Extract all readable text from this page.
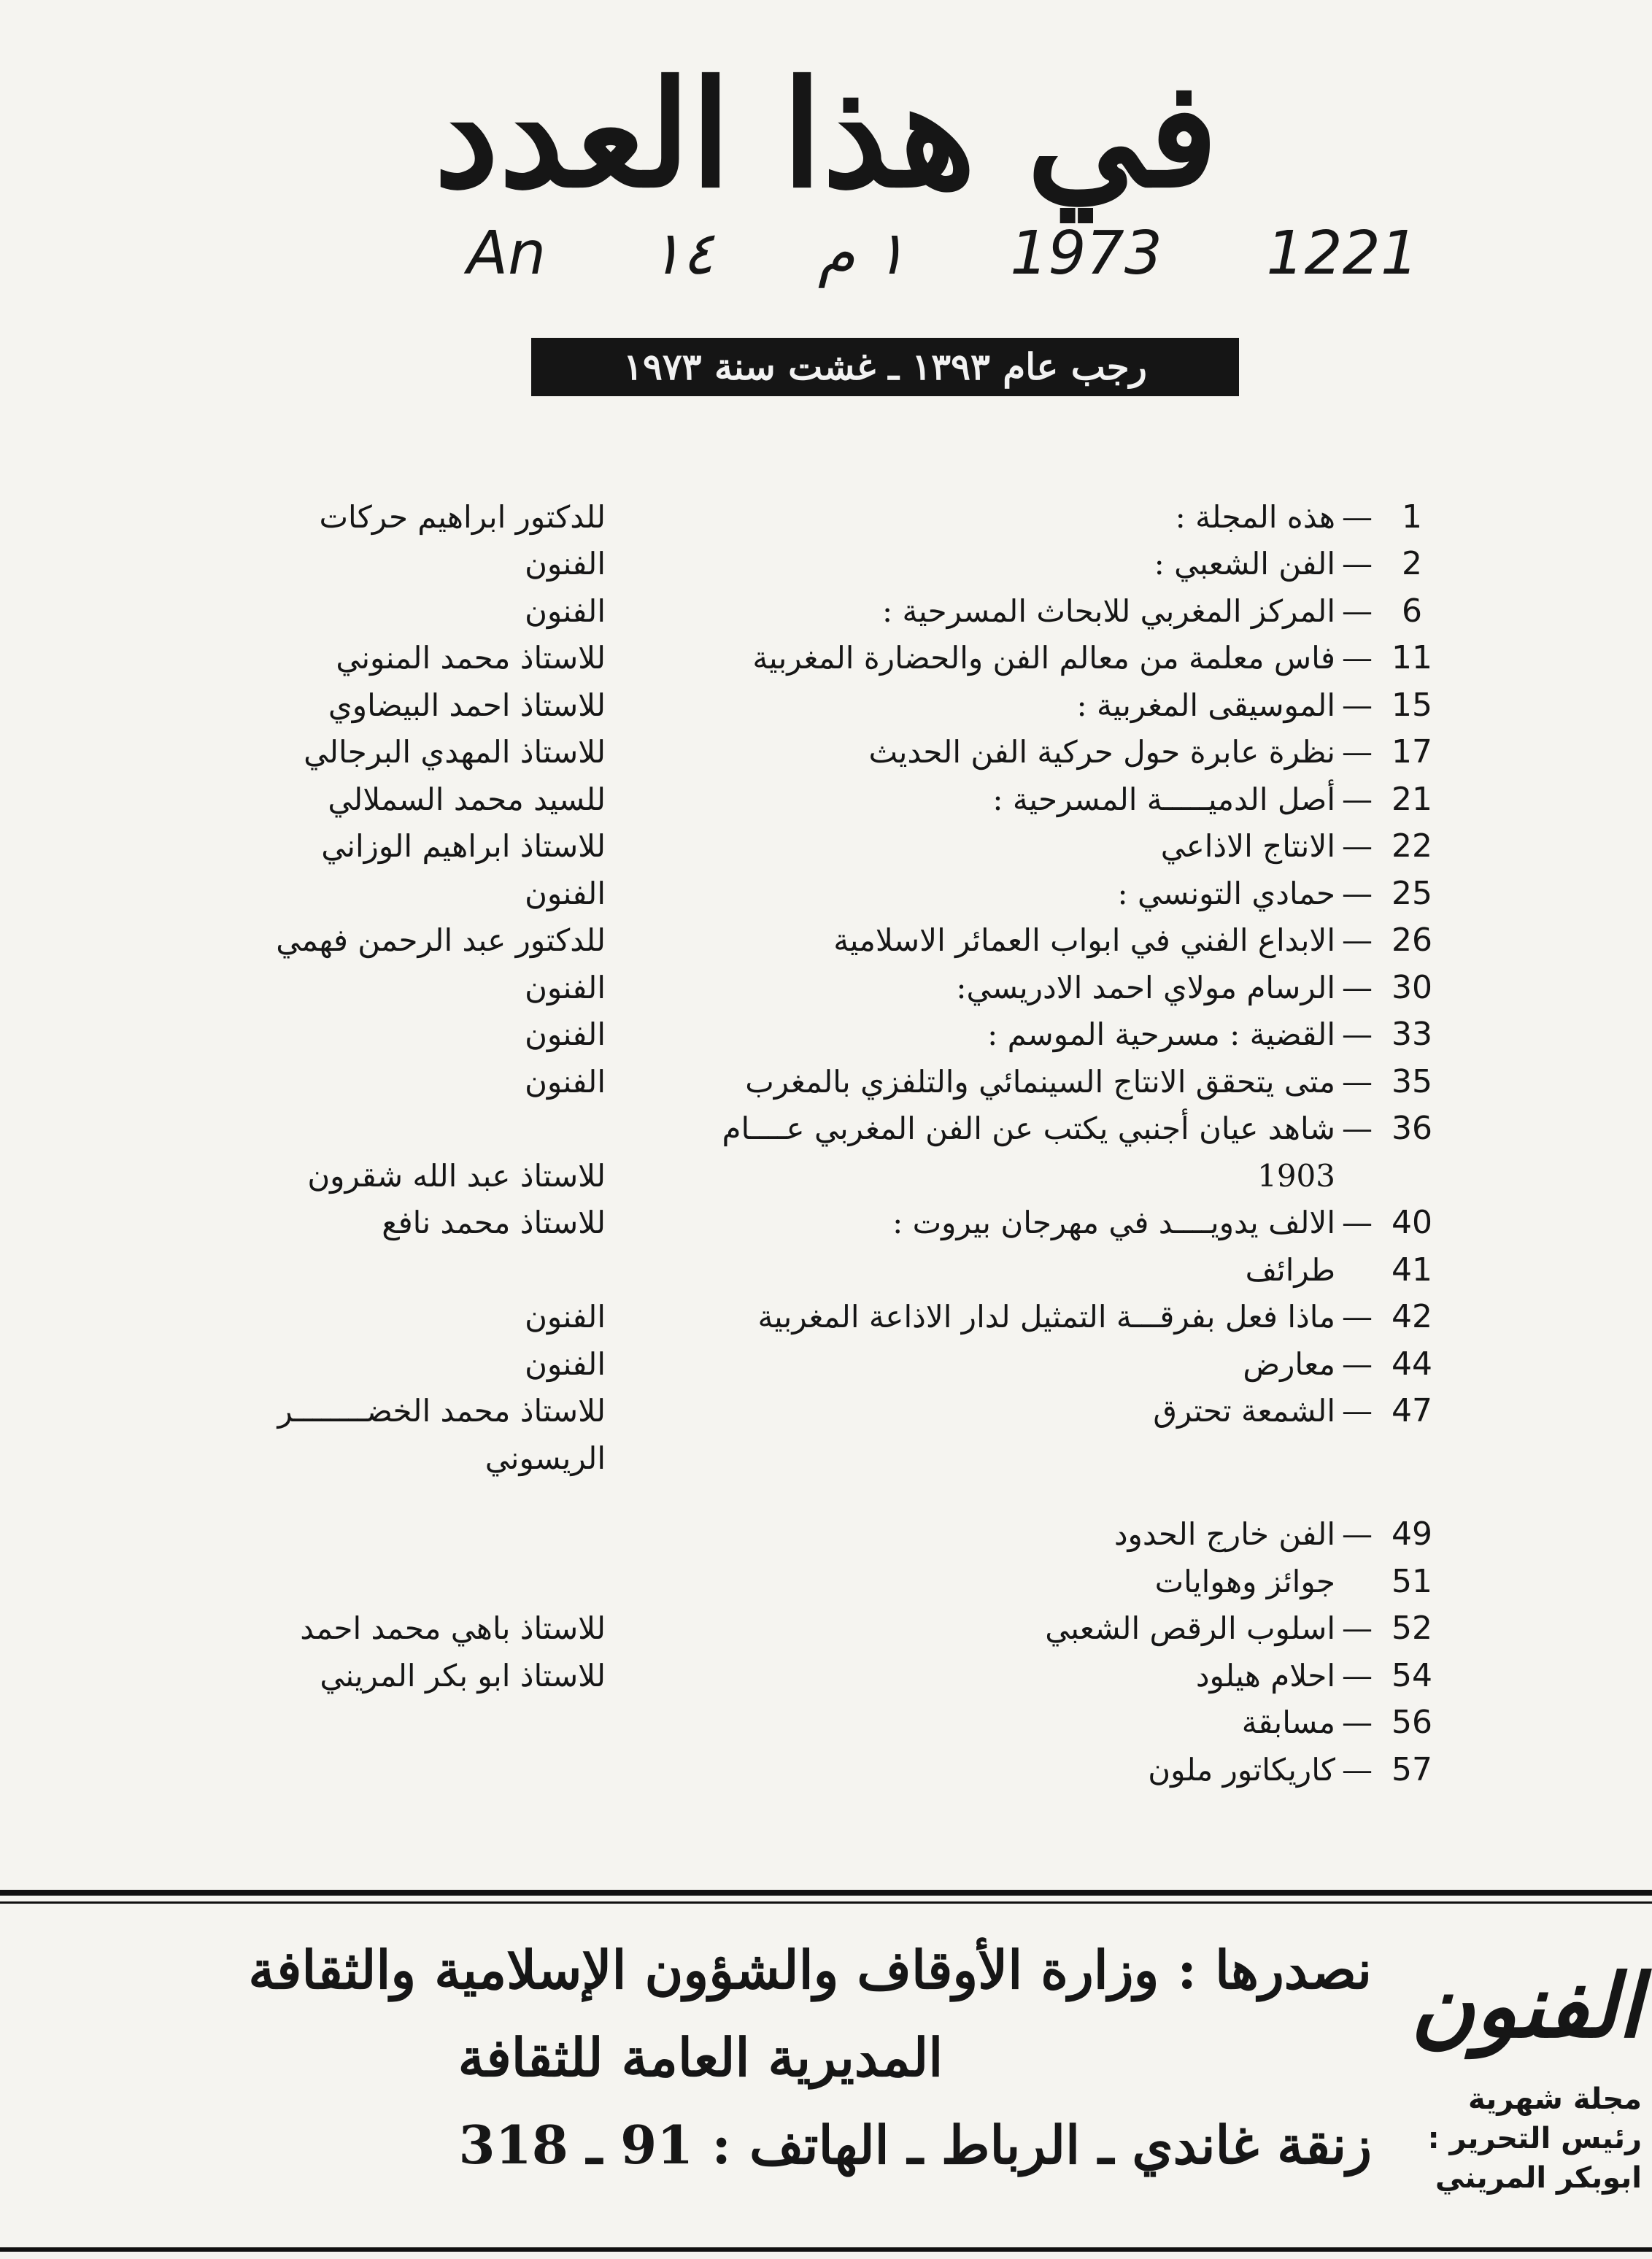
في هذا العدد
An ١٤ ١ م 1973 1221
رجب عام ١٣٩٣ ـ غشت سنة ١٩٧٣
1
—
هذه المجلة :
للدكتور ابراهيم حركات
2
—
الفن الشعبي :
الفنون
6
—
المركز المغربي للابحاث المسرحية :
الفنون
11
—
فاس معلمة من معالم الفن والحضارة المغربية
للاستاذ محمد المنوني
15
—
الموسيقى المغربية :
للاستاذ احمد البيضاوي
17
—
نظرة عابرة حول حركية الفن الحديث
للاستاذ المهدي البرجالي
21
—
أصل الدميـــــة المسرحية :
للسيد محمد السملالي
22
—
الانتاج الاذاعي
للاستاذ ابراهيم الوزاني
25
—
حمادي التونسي :
الفنون
26
—
الابداع الفني في ابواب العمائر الاسلامية
للدكتور عبد الرحمن فهمي
30
—
الرسام مولاي احمد الادريسي:
الفنون
33
—
القضية : مسرحية الموسم :
الفنون
35
—
متى يتحقق الانتاج السينمائي والتلفزي بالمغرب
الفنون
36
—
شاهد عيان أجنبي يكتب عن الفن المغربي عــــام
1903
للاستاذ عبد الله شقرون
40
—
الالف يدويــــد في مهرجان بيروت :
للاستاذ محمد نافع
41
طرائف
42
—
ماذا فعل بفرقـــة التمثيل لدار الاذاعة المغربية
الفنون
44
—
معارض
الفنون
47
—
الشمعة تحترق
للاستاذ محمد الخضــــــــر
الريسوني
49
—
الفن خارج الحدود
51
جوائز وهوايات
52
—
اسلوب الرقص الشعبي
للاستاذ باهي محمد احمد
54
—
احلام هيلود
للاستاذ ابو بكر المريني
56
—
مسابقة
57
—
كاريكاتور ملون
نصدرها : وزارة الأوقاف والشؤون الإسلامية والثقافة
المديرية العامة للثقافة
زنقة غاندي ـ الرباط ـ الهاتف : 91 ـ 318
الفنون
مجلة شهرية
رئيس التحرير :
ابوبكر المريني
